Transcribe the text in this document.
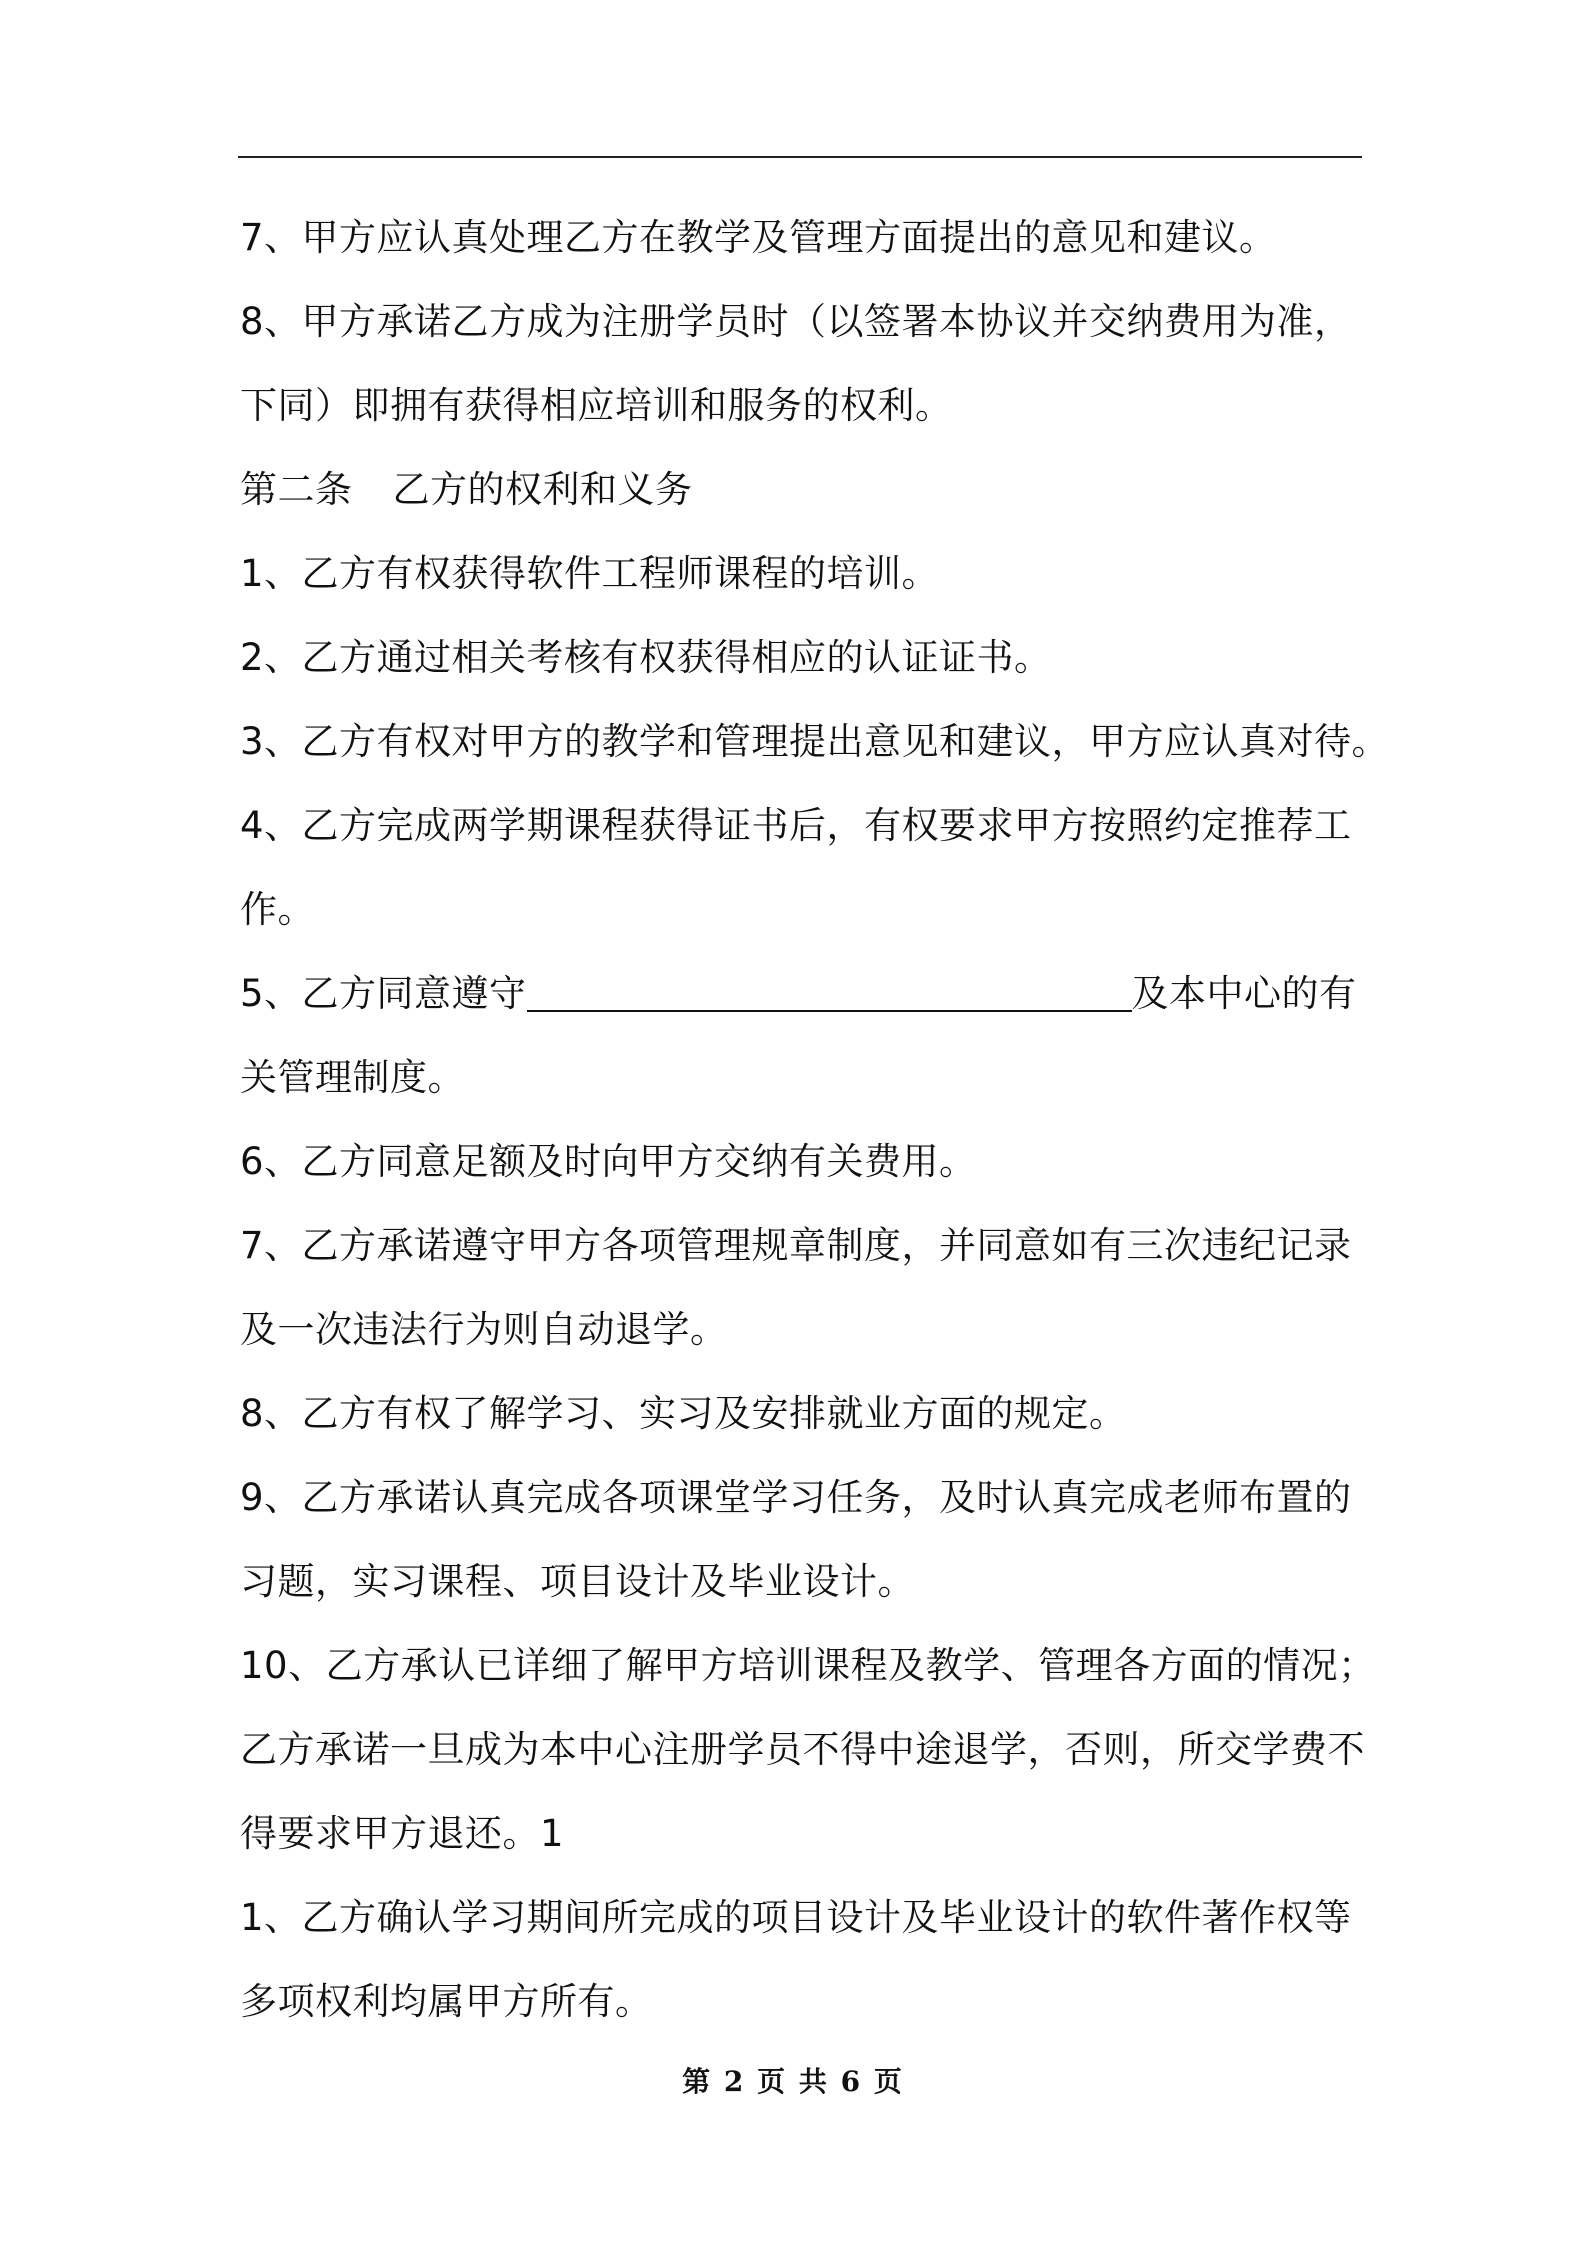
7、甲方应认真处理乙方在教学及管理方面提出的意见和建议。
8、甲方承诺乙方成为注册学员时（以签署本协议并交纳费用为准，
下同）即拥有获得相应培训和服务的权利。
第二条 乙方的权利和义务
1、乙方有权获得软件工程师课程的培训。
2、乙方通过相关考核有权获得相应的认证证书。
3、乙方有权对甲方的教学和管理提出意见和建议，甲方应认真对待。
4、乙方完成两学期课程获得证书后，有权要求甲方按照约定推荐工
作。
5、乙方同意遵守	及本中心的有
关管理制度。
6、乙方同意足额及时向甲方交纳有关费用。
7、乙方承诺遵守甲方各项管理规章制度，并同意如有三次违纪记录
及一次违法行为则自动退学。
8、乙方有权了解学习、实习及安排就业方面的规定。
9、乙方承诺认真完成各项课堂学习任务，及时认真完成老师布置的
习题，实习课程、项目设计及毕业设计。
10、乙方承认已详细了解甲方培训课程及教学、管理各方面的情况；
乙方承诺一旦成为本中心注册学员不得中途退学，否则，所交学费不
得要求甲方退还。1
1、乙方确认学习期间所完成的项目设计及毕业设计的软件著作权等
多项权利均属甲方所有。
第 2 页 共 6 页
